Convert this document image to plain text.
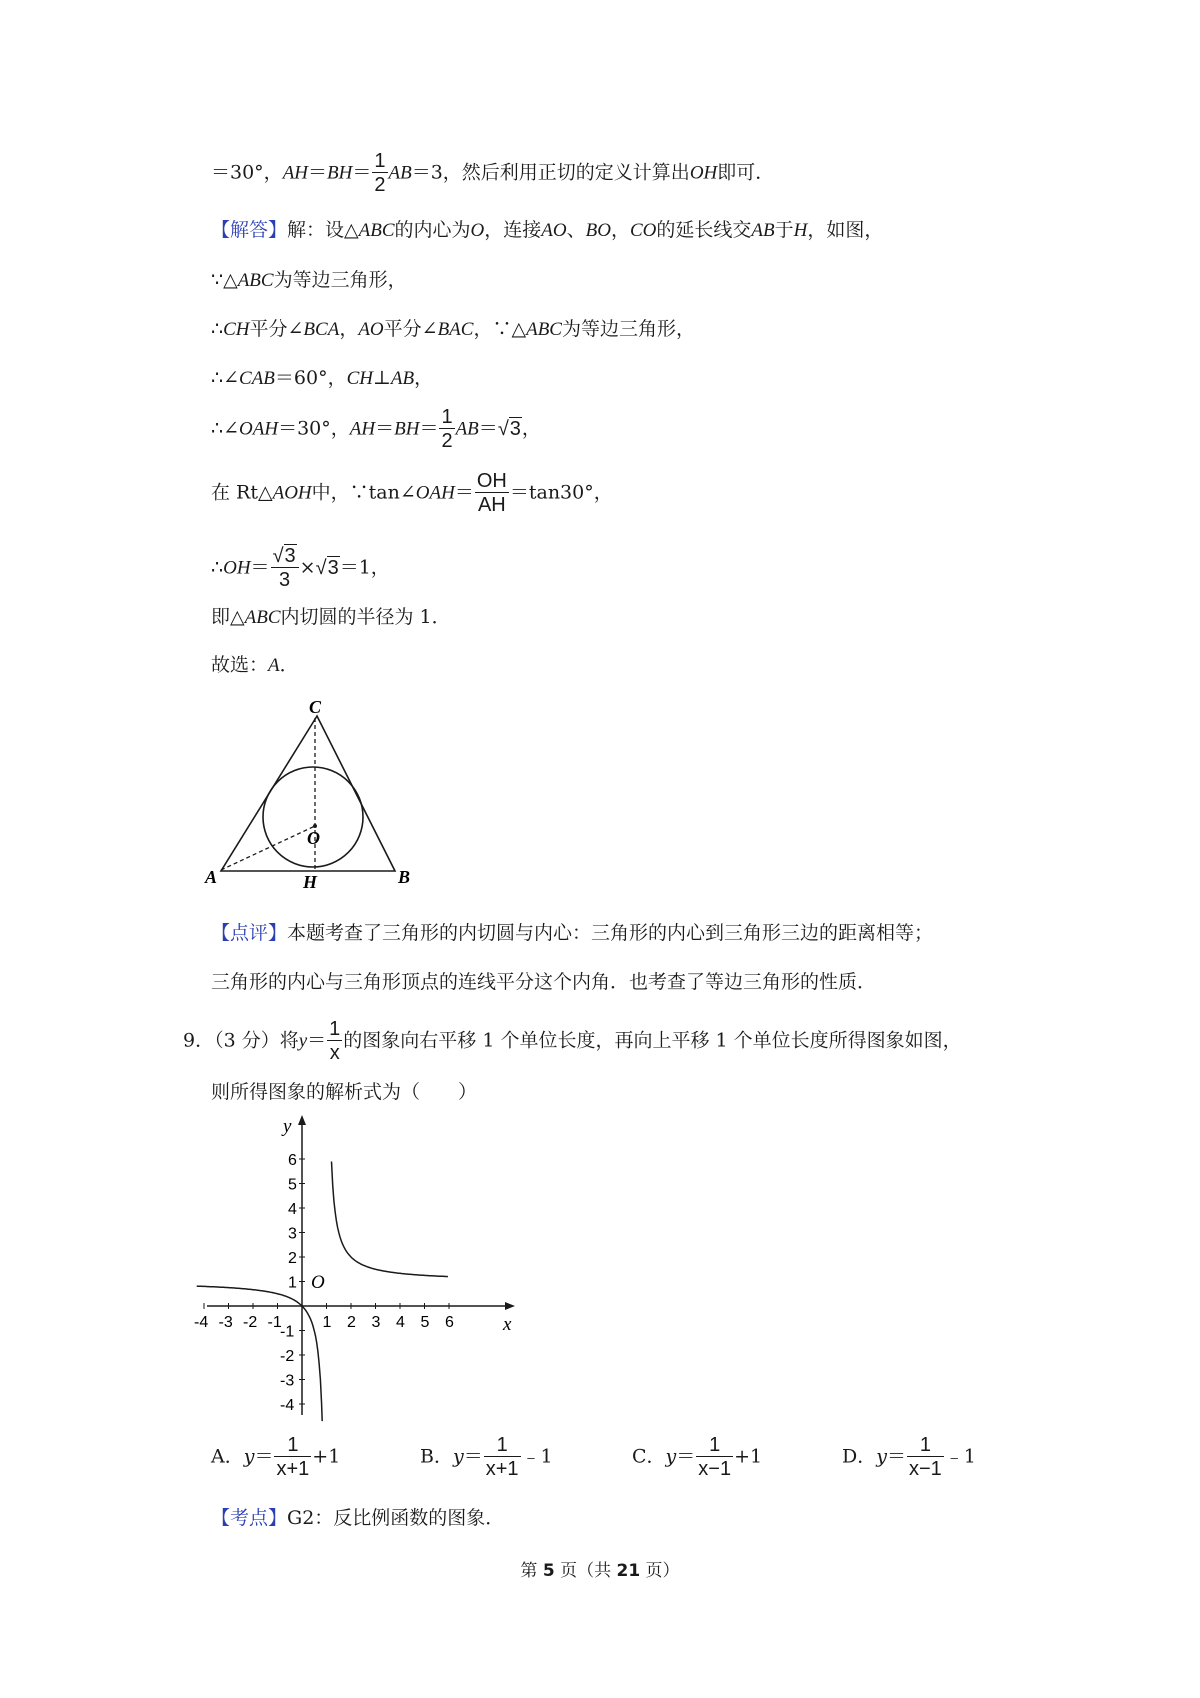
＝30°，$AH=BH= \frac{1}{2} AB=3$，然后利用正切的定义计算出OH即可．
【解答】解：设△ABC的内心为O，连接AO、BO，CO的延长线交AB于H，如图，
∵△ABC为等边三角形，
∴CH平分∠BCA，AO平分∠BAC，∵△ABC为等边三角形，
∴∠CAB＝60°，CH⊥AB，
∴∠OAH＝30°，$AH=BH= \frac{1}{2} AB=√3$，
在 Rt△AOH中，∵tan∠OAH＝ $\frac{OH}{AH} =\tan 30^\circ$，
∴OH＝ $\frac{√3}{3} \times√3=1$，
即△ABC内切圆的半径为 1．
故选：A．
C
A	B
O
H
【点评】本题考查了三角形的内切圆与内心：三角形的内心到三角形三边的距离相等；
三角形的内心与三角形顶点的连线平分这个内角．也考查了等边三角形的性质．
9．（3 分）将$y= \frac{1}{x}$ 的图象向右平移 1 个单位长度，再向上平移 1 个单位长度所得图象如图，
则所得图象的解析式为（　　）
-4 -3 -2 -1	1 2 3 4 5 6
6
5
4
3
2
1
-1
-2
-3
-4
O
x
y
A．$y= \frac{1}{x+1} +1$	B．$y= \frac{1}{x+1}$ ﹣1	C．$y= \frac{1}{x-1} +1$	D．$y= \frac{1}{x-1}$ ﹣1
【考点】G2：反比例函数的图象．
第 5 页（共 21 页）
